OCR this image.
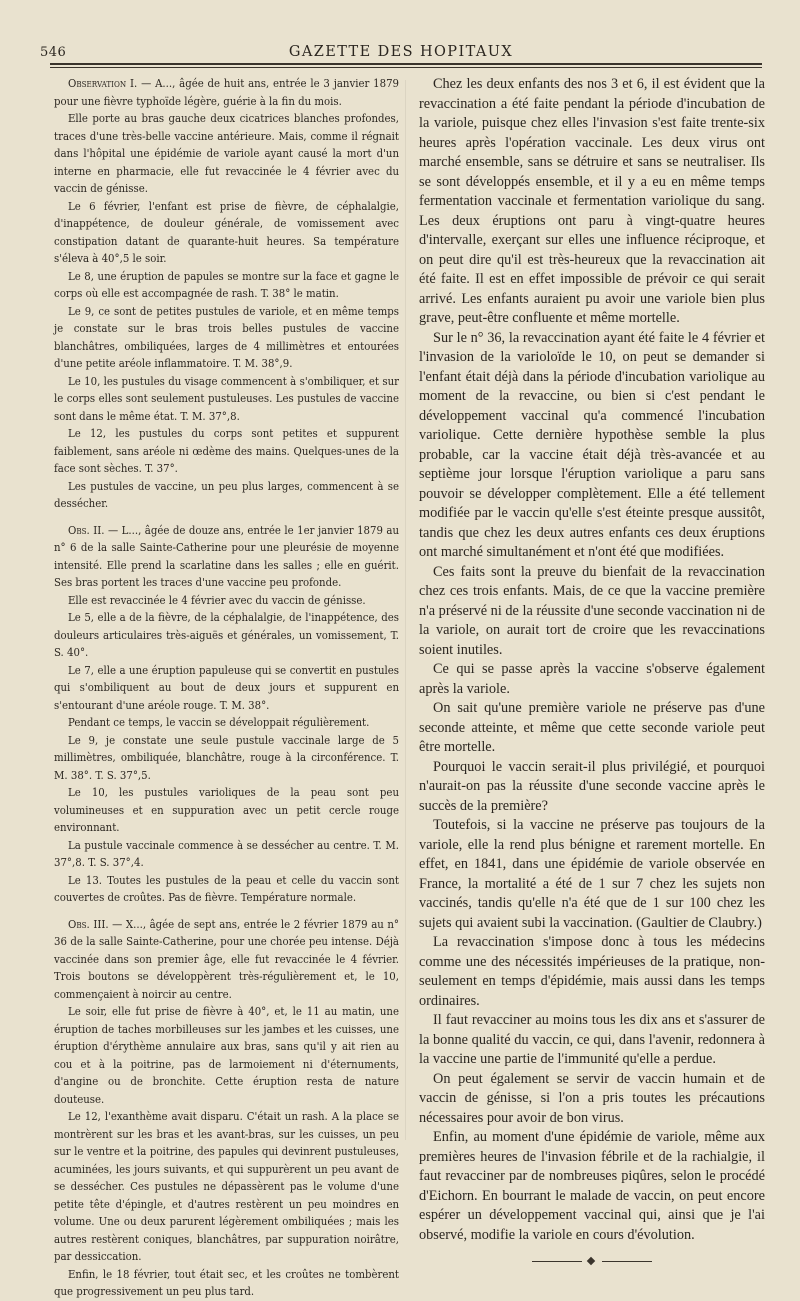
546	GAZETTE DES HOPITAUX

Observation I. — A..., âgée de huit ans, entrée le 3 janvier 1879 pour une fièvre typhoïde légère, guérie à la fin du mois.

Elle porte au bras gauche deux cicatrices blanches profondes, traces d'une très-belle vaccine antérieure. Mais, comme il régnait dans l'hôpital une épidémie de variole ayant causé la mort d'un interne en pharmacie, elle fut revaccinée le 4 février avec du vaccin de génisse.

Le 6 février, l'enfant est prise de fièvre, de céphalalgie, d'inappétence, de douleur générale, de vomissement avec constipation datant de quarante-huit heures. Sa température s'éleva à 40°,5 le soir.

Le 8, une éruption de papules se montre sur la face et gagne le corps où elle est accompagnée de rash. T. 38° le matin.

Le 9, ce sont de petites pustules de variole, et en même temps je constate sur le bras trois belles pustules de vaccine blanchâtres, ombiliquées, larges de 4 millimètres et entourées d'une petite aréole inflammatoire. T. M. 38°,9.

Le 10, les pustules du visage commencent à s'ombiliquer, et sur le corps elles sont seulement pustuleuses. Les pustules de vaccine sont dans le même état. T. M. 37°,8.

Le 12, les pustules du corps sont petites et suppurent faiblement, sans aréole ni œdème des mains. Quelques-unes de la face sont sèches. T. 37°.

Les pustules de vaccine, un peu plus larges, commencent à se dessécher.

Obs. II. — L..., âgée de douze ans, entrée le 1er janvier 1879 au n° 6 de la salle Sainte-Catherine pour une pleurésie de moyenne intensité. Elle prend la scarlatine dans les salles ; elle en guérit. Ses bras portent les traces d'une vaccine peu profonde.

Elle est revaccinée le 4 février avec du vaccin de génisse.

Le 5, elle a de la fièvre, de la céphalalgie, de l'inappétence, des douleurs articulaires très-aiguës et générales, un vomissement, T. S. 40°.

Le 7, elle a une éruption papuleuse qui se convertit en pustules qui s'ombiliquent au bout de deux jours et suppurent en s'entourant d'une aréole rouge. T. M. 38°.

Pendant ce temps, le vaccin se développait régulièrement.

Le 9, je constate une seule pustule vaccinale large de 5 millimètres, ombiliquée, blanchâtre, rouge à la circonférence. T. M. 38°. T. S. 37°,5.

Le 10, les pustules varioliques de la peau sont peu volumineuses et en suppuration avec un petit cercle rouge environnant.

La pustule vaccinale commence à se dessécher au centre. T. M. 37°,8. T. S. 37°,4.

Le 13. Toutes les pustules de la peau et celle du vaccin sont couvertes de croûtes. Pas de fièvre. Température normale.

Obs. III. — X..., âgée de sept ans, entrée le 2 février 1879 au n° 36 de la salle Sainte-Catherine, pour une chorée peu intense. Déjà vaccinée dans son premier âge, elle fut revaccinée le 4 février. Trois boutons se développèrent très-régulièrement et, le 10, commençaient à noircir au centre.

Le soir, elle fut prise de fièvre à 40°, et, le 11 au matin, une éruption de taches morbilleuses sur les jambes et les cuisses, une éruption d'érythème annulaire aux bras, sans qu'il y ait rien au cou et à la poitrine, pas de larmoiement ni d'éternuments, d'angine ou de bronchite. Cette éruption resta de nature douteuse.

Le 12, l'exanthème avait disparu. C'était un rash. A la place se montrèrent sur les bras et les avant-bras, sur les cuisses, un peu sur le ventre et la poitrine, des papules qui devinrent pustuleuses, acuminées, les jours suivants, et qui suppurèrent un peu avant de se dessécher. Ces pustules ne dépassèrent pas le volume d'une petite tête d'épingle, et d'autres restèrent un peu moindres en volume. Une ou deux parurent légèrement ombiliquées ; mais les autres restèrent coniques, blanchâtres, par suppuration noirâtre, par dessiccation.

Enfin, le 18 février, tout était sec, et les croûtes ne tombèrent que progressivement un peu plus tard.

Chez les deux enfants des nos 3 et 6, il est évident que la revaccination a été faite pendant la période d'incubation de la variole, puisque chez elles l'invasion s'est faite trente-six heures après l'opération vaccinale. Les deux virus ont marché ensemble, sans se détruire et sans se neutraliser. Ils se sont développés ensemble, et il y a eu en même temps fermentation vaccinale et fermentation variolique du sang. Les deux éruptions ont paru à vingt-quatre heures d'intervalle, exerçant sur elles une influence réciproque, et on peut dire qu'il est très-heureux que la revaccination ait été faite. Il est en effet impossible de prévoir ce qui serait arrivé. Les enfants auraient pu avoir une variole bien plus grave, peut-être confluente et même mortelle.

Sur le n° 36, la revaccination ayant été faite le 4 février et l'invasion de la varioloïde le 10, on peut se demander si l'enfant était déjà dans la période d'incubation variolique au moment de la revaccine, ou bien si c'est pendant le développement vaccinal qu'a commencé l'incubation variolique. Cette dernière hypothèse semble la plus probable, car la vaccine était déjà très-avancée et au septième jour lorsque l'éruption variolique a paru sans pouvoir se développer complètement. Elle a été tellement modifiée par le vaccin qu'elle s'est éteinte presque aussitôt, tandis que chez les deux autres enfants ces deux éruptions ont marché simultanément et n'ont été que modifiées.

Ces faits sont la preuve du bienfait de la revaccination chez ces trois enfants. Mais, de ce que la vaccine première n'a préservé ni de la réussite d'une seconde vaccination ni de la variole, on aurait tort de croire que les revaccinations soient inutiles.

Ce qui se passe après la vaccine s'observe également après la variole.

On sait qu'une première variole ne préserve pas d'une seconde atteinte, et même que cette seconde variole peut être mortelle.

Pourquoi le vaccin serait-il plus privilégié, et pourquoi n'aurait-on pas la réussite d'une seconde vaccine après le succès de la première?

Toutefois, si la vaccine ne préserve pas toujours de la variole, elle la rend plus bénigne et rarement mortelle. En effet, en 1841, dans une épidémie de variole observée en France, la mortalité a été de 1 sur 7 chez les sujets non vaccinés, tandis qu'elle n'a été que de 1 sur 100 chez les sujets qui avaient subi la vaccination. (Gaultier de Claubry.)

La revaccination s'impose donc à tous les médecins comme une des nécessités impérieuses de la pratique, non-seulement en temps d'épidémie, mais aussi dans les temps ordinaires.

Il faut revacciner au moins tous les dix ans et s'assurer de la bonne qualité du vaccin, ce qui, dans l'avenir, redonnera à la vaccine une partie de l'immunité qu'elle a perdue.

On peut également se servir de vaccin humain et de vaccin de génisse, si l'on a pris toutes les précautions nécessaires pour avoir de bon virus.

Enfin, au moment d'une épidémie de variole, même aux premières heures de l'invasion fébrile et de la rachialgie, il faut revacciner par de nombreuses piqûres, selon le procédé d'Eichorn. En bourrant le malade de vaccin, on peut encore espérer un développement vaccinal qui, ainsi que je l'ai observé, modifie la variole en cours d'évolution.
